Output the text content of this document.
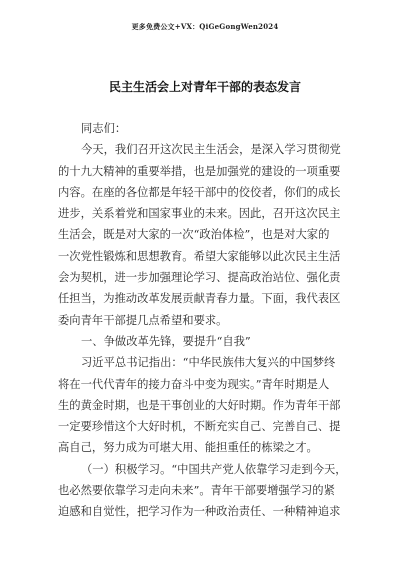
更多免费公文+VX：QiGeGongWen2024
民主生活会上对青年干部的表态发言
同志们：
今天，我们召开这次民主生活会，是深入学习贯彻党
的十九大精神的重要举措，也是加强党的建设的一项重要
内容。在座的各位都是年轻干部中的佼佼者，你们的成长
进步，关系着党和国家事业的未来。因此，召开这次民主
生活会，既是对大家的一次“政治体检”，也是对大家的
一次党性锻炼和思想教育。希望大家能够以此次民主生活
会为契机，进一步加强理论学习、提高政治站位、强化责
任担当，为推动改革发展贡献青春力量。下面，我代表区
委向青年干部提几点希望和要求。
一、争做改革先锋，要提升“自我”
习近平总书记指出：“中华民族伟大复兴的中国梦终
将在一代代青年的接力奋斗中变为现实。”青年时期是人
生的黄金时期，也是干事创业的大好时期。作为青年干部
一定要珍惜这个大好时机，不断充实自己、完善自己、提
高自己，努力成为可堪大用、能担重任的栋梁之才。
（一）积极学习。“中国共产党人依靠学习走到今天，
也必然要依靠学习走向未来”。青年干部要增强学习的紧
迫感和自觉性，把学习作为一种政治责任、一种精神追求
